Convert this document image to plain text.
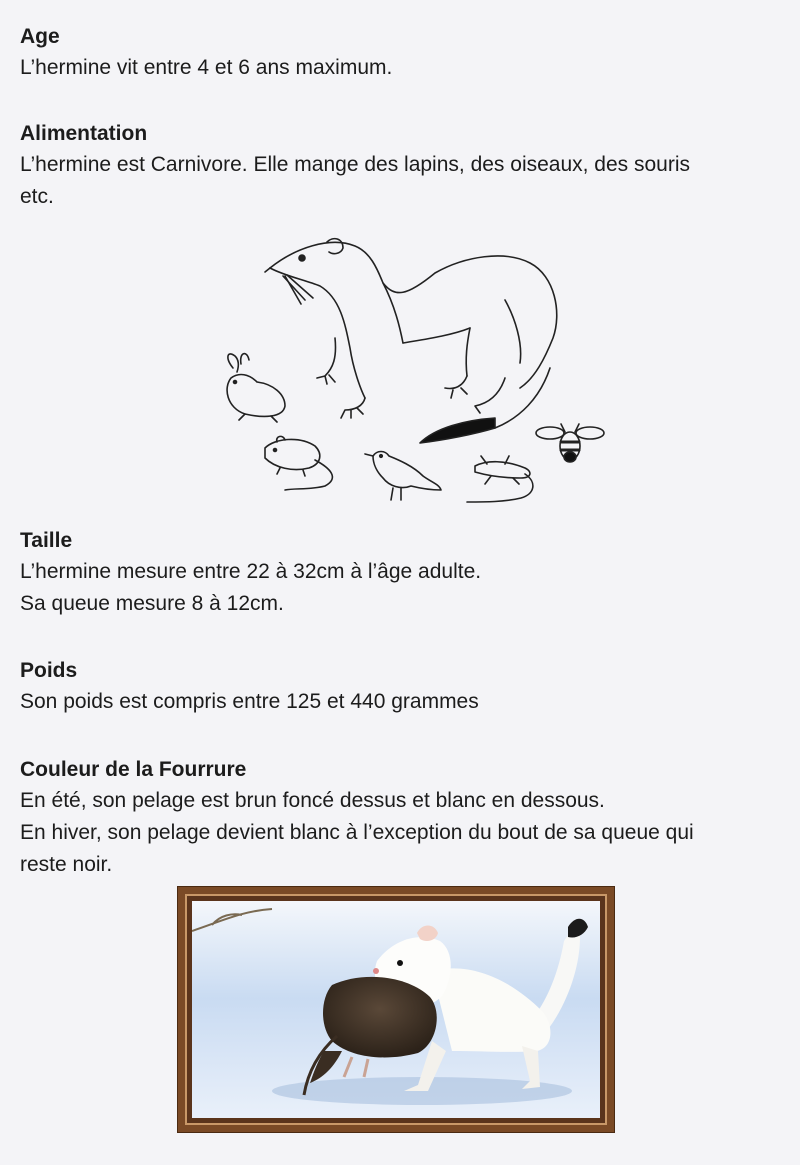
Age

L’hermine vit entre 4 et 6 ans maximum.

Alimentation

L’hermine est Carnivore. Elle mange des lapins, des oiseaux, des souris

etc.

Taille

L’hermine mesure entre 22 à 32cm à l’âge adulte.

Sa queue mesure 8 à 12cm.

Poids

Son poids est compris entre 125 et 440 grammes

Couleur de la Fourrure

En été, son pelage est brun foncé dessus et blanc en dessous.

En hiver, son pelage devient blanc à l’exception du bout de sa queue qui

reste noir.
